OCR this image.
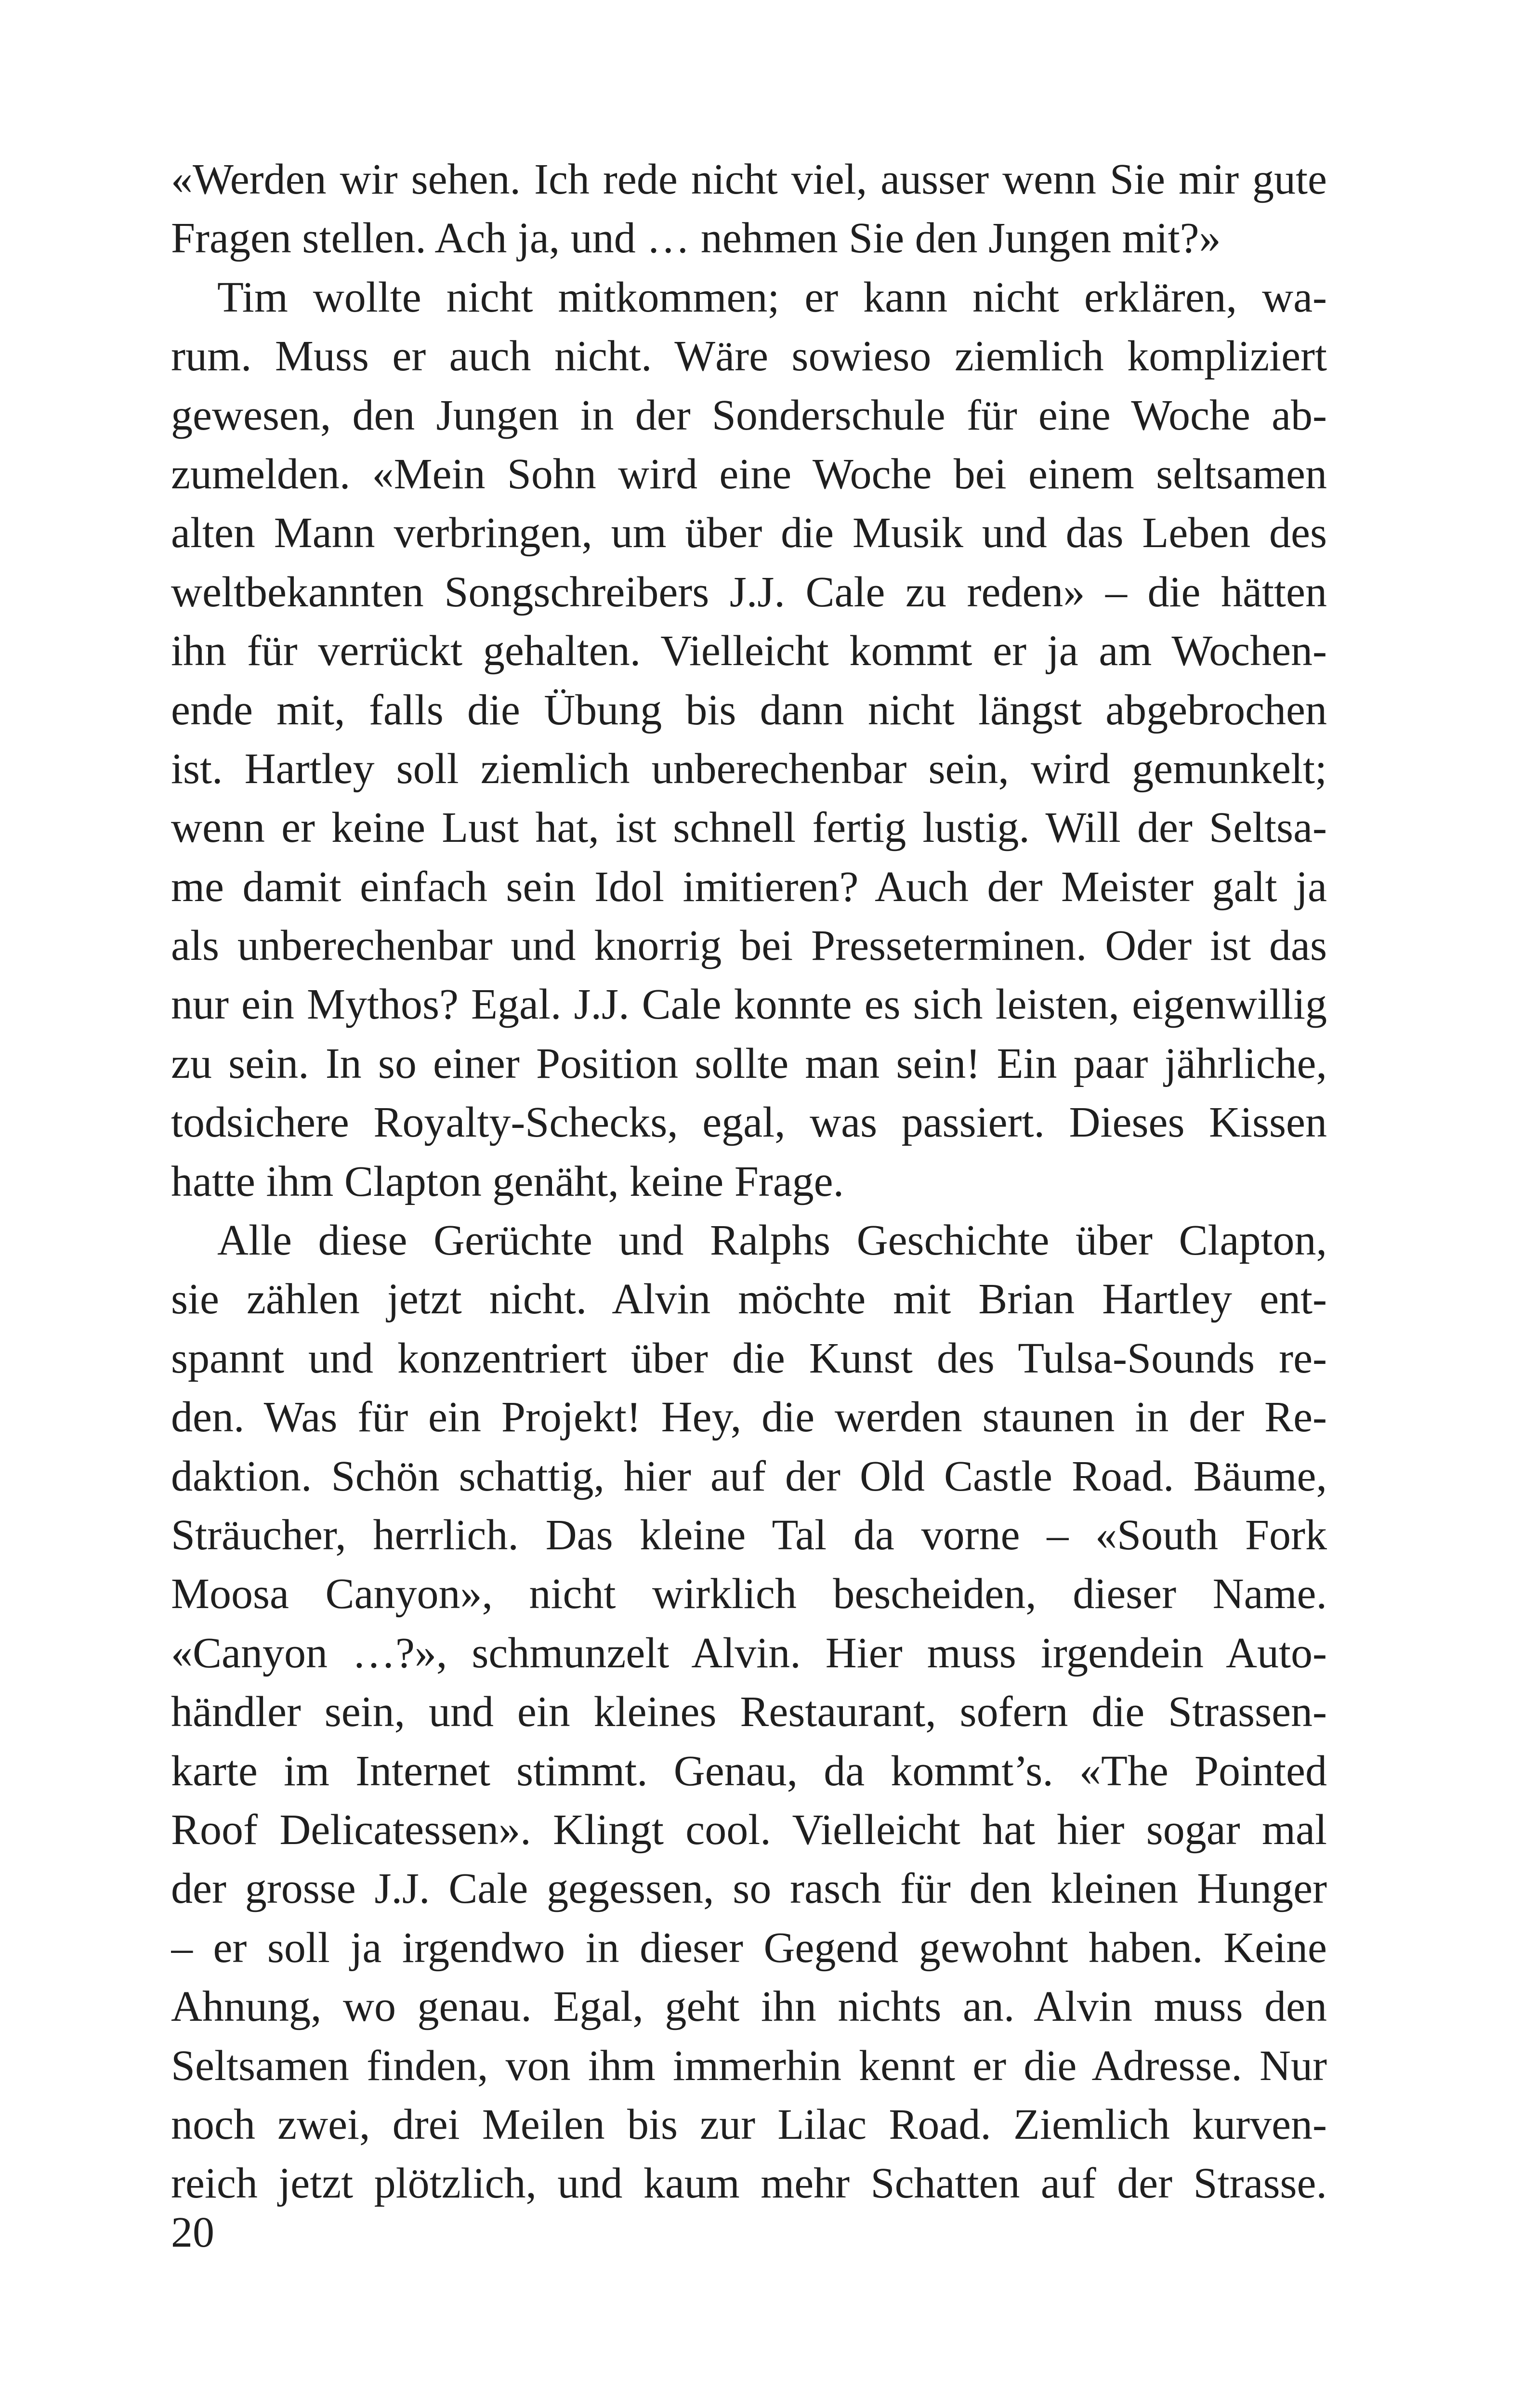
«Werden wir sehen. Ich rede nicht viel, ausser wenn Sie mir gute
Fragen stellen. Ach ja, und … nehmen Sie den Jungen mit?»
Tim wollte nicht mitkommen; er kann nicht erklären, wa-
rum. Muss er auch nicht. Wäre sowieso ziemlich kompliziert
gewesen, den Jungen in der Sonderschule für eine Woche ab-
zumelden. «Mein Sohn wird eine Woche bei einem seltsamen
alten Mann verbringen, um über die Musik und das Leben des
weltbekannten Songschreibers J.J. Cale zu reden» – die hätten
ihn für verrückt gehalten. Vielleicht kommt er ja am Wochen-
ende mit, falls die Übung bis dann nicht längst abgebrochen
ist. Hartley soll ziemlich unberechenbar sein, wird gemunkelt;
wenn er keine Lust hat, ist schnell fertig lustig. Will der Seltsa-
me damit einfach sein Idol imitieren? Auch der Meister galt ja
als unberechenbar und knorrig bei Presseterminen. Oder ist das
nur ein Mythos? Egal. J.J. Cale konnte es sich leisten, eigenwillig
zu sein. In so einer Position sollte man sein! Ein paar jährliche,
todsichere Royalty-Schecks, egal, was passiert. Dieses Kissen
hatte ihm Clapton genäht, keine Frage.
Alle diese Gerüchte und Ralphs Geschichte über Clapton,
sie zählen jetzt nicht. Alvin möchte mit Brian Hartley ent-
spannt und konzentriert über die Kunst des Tulsa-Sounds re-
den. Was für ein Projekt! Hey, die werden staunen in der Re-
daktion. Schön schattig, hier auf der Old Castle Road. Bäume,
Sträucher, herrlich. Das kleine Tal da vorne – «South Fork
Moosa Canyon», nicht wirklich bescheiden, dieser Name.
«Canyon …?», schmunzelt Alvin. Hier muss irgendein Auto-
händler sein, und ein kleines Restaurant, sofern die Strassen-
karte im Internet stimmt. Genau, da kommt’s. «The Pointed
Roof Delicatessen». Klingt cool. Vielleicht hat hier sogar mal
der grosse J.J. Cale gegessen, so rasch für den kleinen Hunger
– er soll ja irgendwo in dieser Gegend gewohnt haben. Keine
Ahnung, wo genau. Egal, geht ihn nichts an. Alvin muss den
Seltsamen finden, von ihm immerhin kennt er die Adresse. Nur
noch zwei, drei Meilen bis zur Lilac Road. Ziemlich kurven-
reich jetzt plötzlich, und kaum mehr Schatten auf der Strasse.
20
